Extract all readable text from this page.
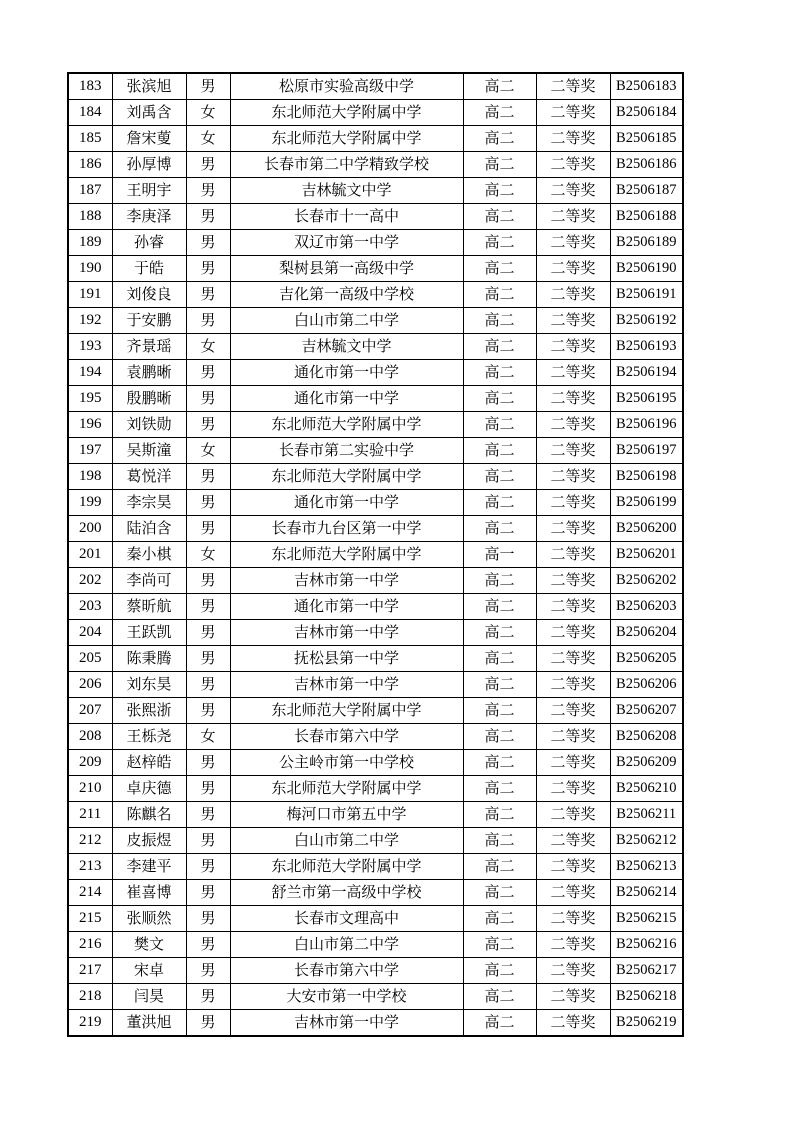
183	张滨旭	男	松原市实验高级中学	高二	二等奖	B2506183
184	刘禹含	女	东北师范大学附属中学	高二	二等奖	B2506184
185	詹宋蓃	女	东北师范大学附属中学	高二	二等奖	B2506185
186	孙厚博	男	长春市第二中学精致学校	高二	二等奖	B2506186
187	王明宇	男	吉林毓文中学	高二	二等奖	B2506187
188	李庚泽	男	长春市十一高中	高二	二等奖	B2506188
189	孙睿	男	双辽市第一中学	高二	二等奖	B2506189
190	于皓	男	梨树县第一高级中学	高二	二等奖	B2506190
191	刘俊良	男	吉化第一高级中学校	高二	二等奖	B2506191
192	于安鹏	男	白山市第二中学	高二	二等奖	B2506192
193	齐景瑶	女	吉林毓文中学	高二	二等奖	B2506193
194	袁鹏晰	男	通化市第一中学	高二	二等奖	B2506194
195	殷鹏晰	男	通化市第一中学	高二	二等奖	B2506195
196	刘铁勋	男	东北师范大学附属中学	高二	二等奖	B2506196
197	吴斯潼	女	长春市第二实验中学	高二	二等奖	B2506197
198	葛悦洋	男	东北师范大学附属中学	高二	二等奖	B2506198
199	李宗昊	男	通化市第一中学	高二	二等奖	B2506199
200	陆泊含	男	长春市九台区第一中学	高二	二等奖	B2506200
201	秦小棋	女	东北师范大学附属中学	高一	二等奖	B2506201
202	李尚可	男	吉林市第一中学	高二	二等奖	B2506202
203	蔡昕航	男	通化市第一中学	高二	二等奖	B2506203
204	王跃凯	男	吉林市第一中学	高二	二等奖	B2506204
205	陈秉腾	男	抚松县第一中学	高二	二等奖	B2506205
206	刘东昊	男	吉林市第一中学	高二	二等奖	B2506206
207	张熙浙	男	东北师范大学附属中学	高二	二等奖	B2506207
208	王栎尧	女	长春市第六中学	高二	二等奖	B2506208
209	赵梓皓	男	公主岭市第一中学校	高二	二等奖	B2506209
210	卓庆德	男	东北师范大学附属中学	高二	二等奖	B2506210
211	陈麒名	男	梅河口市第五中学	高二	二等奖	B2506211
212	皮振煜	男	白山市第二中学	高二	二等奖	B2506212
213	李建平	男	东北师范大学附属中学	高二	二等奖	B2506213
214	崔喜博	男	舒兰市第一高级中学校	高二	二等奖	B2506214
215	张顺然	男	长春市文理高中	高二	二等奖	B2506215
216	樊文	男	白山市第二中学	高二	二等奖	B2506216
217	宋卓	男	长春市第六中学	高二	二等奖	B2506217
218	闫昊	男	大安市第一中学校	高二	二等奖	B2506218
219	董洪旭	男	吉林市第一中学	高二	二等奖	B2506219
